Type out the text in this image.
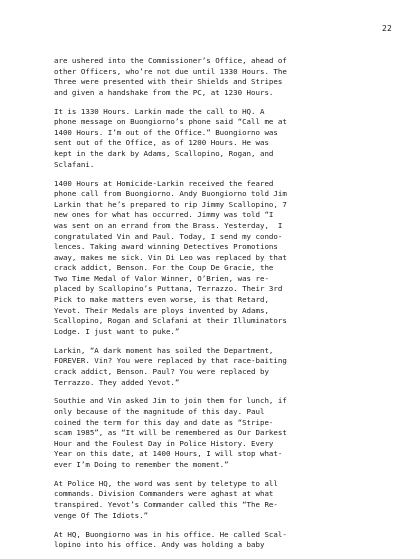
22
are ushered into the Commissioner’s Office, ahead of
other Officers, who’re not due until 1330 Hours. The
Three were presented with their Shields and Stripes
and given a handshake from the PC, at 1230 Hours.
It is 1330 Hours. Larkin made the call to HQ. A
phone message on Buongiorno’s phone said “Call me at
1400 Hours. I’m out of the Office.” Buongiorno was
sent out of the Office, as of 1200 Hours. He was
kept in the dark by Adams, Scallopino, Rogan, and
Sclafani.
1400 Hours at Homicide-Larkin received the feared
phone call from Buongiorno. Andy Buongiorno told Jim
Larkin that he’s prepared to rip Jimmy Scallopino, 7
new ones for what has occurred. Jimmy was told “I
was sent on an errand from the Brass. Yesterday,  I
congratulated Vin and Paul. Today, I send my condo-
lences. Taking award winning Detectives Promotions
away, makes me sick. Vin Di Leo was replaced by that
crack addict, Benson. For the Coup De Gracie, the
Two Time Medal of Valor Winner, O’Brien, was re-
placed by Scallopino’s Puttana, Terrazzo. Their 3rd
Pick to make matters even worse, is that Retard,
Yevot. Their Medals are ploys invented by Adams,
Scallopino, Rogan and Sclafani at their Illuminators
Lodge. I just want to puke.”
Larkin, “A dark moment has soiled the Department,
FOREVER. Vin? You were replaced by that race-baiting
crack addict, Benson. Paul? You were replaced by
Terrazzo. They added Yevot.”
Southie and Vin asked Jim to join them for lunch, if
only because of the magnitude of this day. Paul
coined the term for this day and date as “Stripe-
scam 1985”, as “It will be remembered as Our Darkest
Hour and the Foulest Day in Police History. Every
Year on this date, at 1400 Hours, I will stop what-
ever I’m Doing to remember the moment.”
At Police HQ, the word was sent by teletype to all
commands. Division Commanders were aghast at what
transpired. Yevot’s Commander called this “The Re-
venge Of The Idiots.”
At HQ, Buongiorno was in his office. He called Scal-
lopino into his office. Andy was holding a baby
